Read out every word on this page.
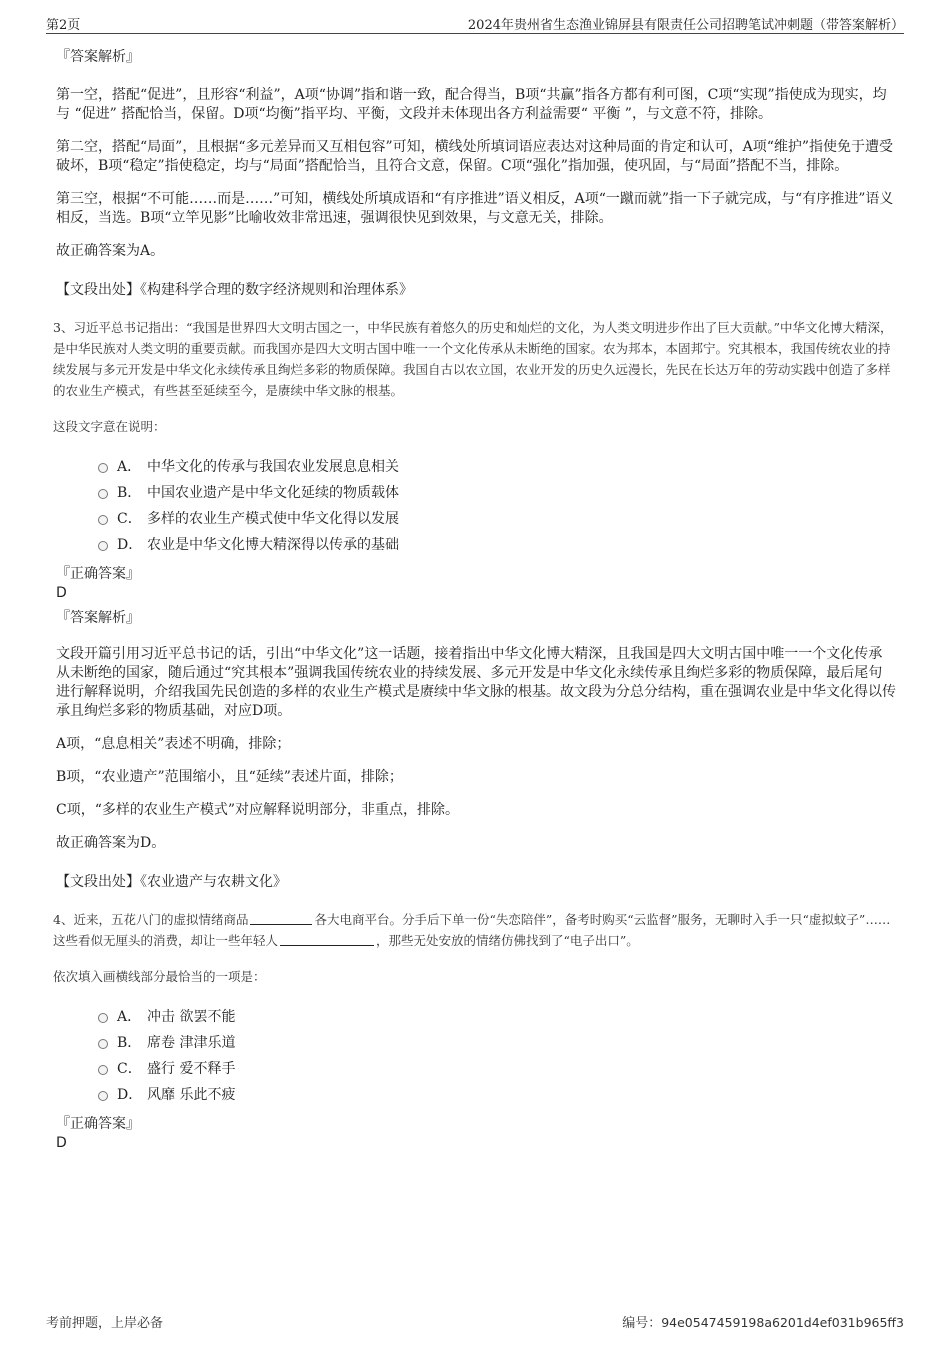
第2页	2024年贵州省生态渔业锦屏县有限责任公司招聘笔试冲刺题（带答案解析）
『答案解析』

第一空，搭配“促进”，且形容“利益”，A项“协调”指和谐一致，配合得当，B项“共赢”指各方都有利可图，C项“实现”指使成为现实，均与 “促进” 搭配恰当，保留。D项“均衡”指平均、平衡，文段并未体现出各方利益需要“ 平衡 ”，与文意不符，排除。

第二空，搭配“局面”，且根据“多元差异而又互相包容”可知，横线处所填词语应表达对这种局面的肯定和认可，A项“维护”指使免于遭受破坏，B项“稳定”指使稳定，均与“局面”搭配恰当，且符合文意，保留。C项“强化”指加强，使巩固，与“局面”搭配不当，排除。

第三空，根据“不可能……而是……”可知，横线处所填成语和“有序推进”语义相反，A项“一蹴而就”指一下子就完成，与“有序推进”语义相反，当选。B项“立竿见影”比喻收效非常迅速，强调很快见到效果，与文意无关，排除。

故正确答案为A。

【文段出处】《构建科学合理的数字经济规则和治理体系》

3、习近平总书记指出：“我国是世界四大文明古国之一，中华民族有着悠久的历史和灿烂的文化，为人类文明进步作出了巨大贡献。”中华文化博大精深，是中华民族对人类文明的重要贡献。而我国亦是四大文明古国中唯一一个文化传承从未断绝的国家。农为邦本，本固邦宁。究其根本，我国传统农业的持续发展与多元开发是中华文化永续传承且绚烂多彩的物质保障。我国自古以农立国，农业开发的历史久远漫长，先民在长达万年的劳动实践中创造了多样的农业生产模式，有些甚至延续至今，是赓续中华文脉的根基。

这段文字意在说明：

A． 中华文化的传承与我国农业发展息息相关
B． 中国农业遗产是中华文化延续的物质载体
C． 多样的农业生产模式使中华文化得以发展
D． 农业是中华文化博大精深得以传承的基础
『正确答案』
D
『答案解析』

文段开篇引用习近平总书记的话，引出“中华文化”这一话题，接着指出中华文化博大精深，且我国是四大文明古国中唯一一个文化传承从未断绝的国家，随后通过“究其根本”强调我国传统农业的持续发展、多元开发是中华文化永续传承且绚烂多彩的物质保障，最后尾句进行解释说明，介绍我国先民创造的多样的农业生产模式是赓续中华文脉的根基。故文段为分总分结构，重在强调农业是中华文化得以传承且绚烂多彩的物质基础，对应D项。

A项，“息息相关”表述不明确，排除；

B项，“农业遗产”范围缩小，且“延续”表述片面，排除；

C项，“多样的农业生产模式”对应解释说明部分，非重点，排除。

故正确答案为D。

【文段出处】《农业遗产与农耕文化》

4、近来，五花八门的虚拟情绪商品	各大电商平台。分手后下单一份“失恋陪伴”，备考时购买“云监督”服务，无聊时入手一只“虚拟蚊子”……这些看似无厘头的消费，却让一些年轻人	，那些无处安放的情绪仿佛找到了“电子出口”。

依次填入画横线部分最恰当的一项是：

A． 冲击 欲罢不能
B． 席卷 津津乐道
C． 盛行 爱不释手
D． 风靡 乐此不疲
『正确答案』
D
考前押题，上岸必备	编号：94e0547459198a6201d4ef031b965ff3
